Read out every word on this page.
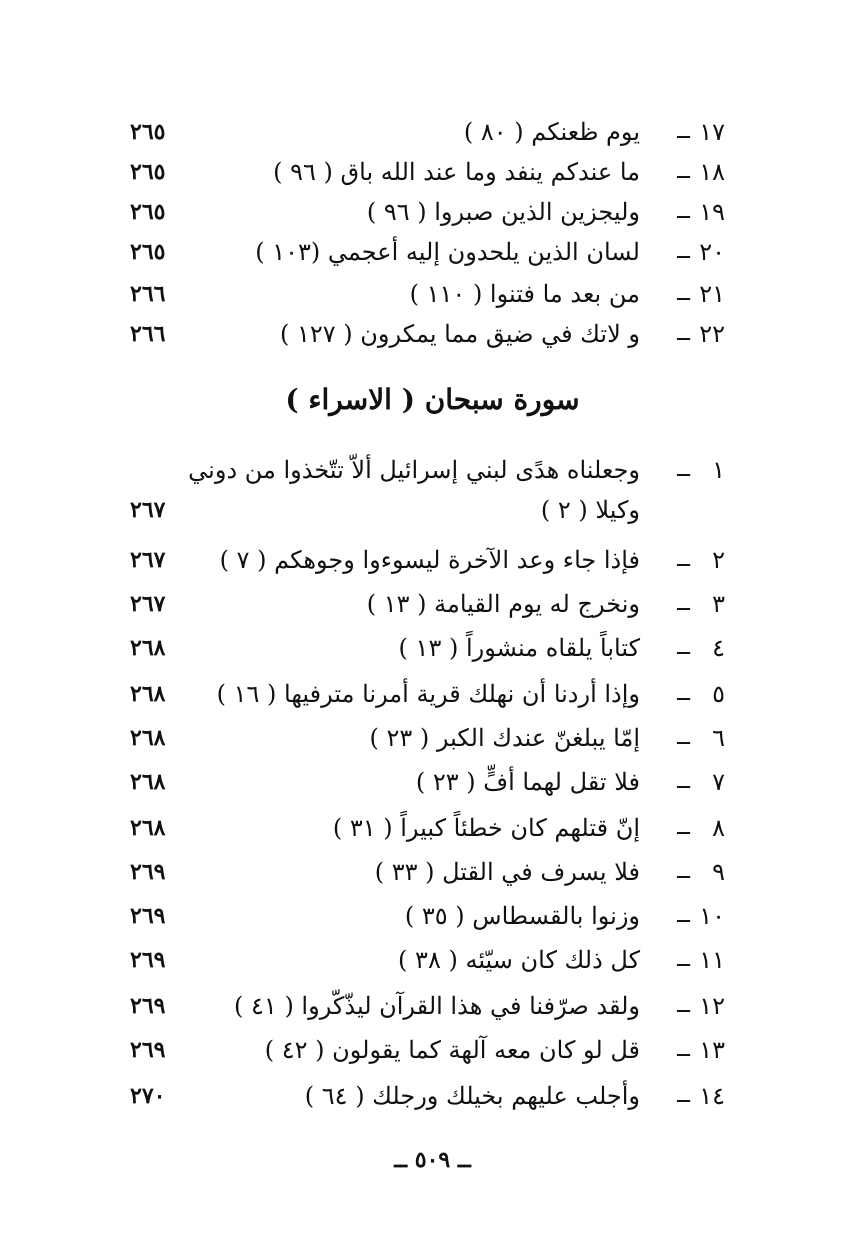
١٧
ــ
يوم ظعنكم ( ٨٠ )
٢٦٥
١٨
ــ
ما عندكم ينفد وما عند الله باق ( ٩٦ )
٢٦٥
١٩
ــ
وليجزين الذين صبروا ( ٩٦ )
٢٦٥
٢٠
ــ
لسان الذين يلحدون إليه أعجمي (١٠٣ )
٢٦٥
٢١
ــ
من بعد ما فتنوا ( ١١٠ )
٢٦٦
٢٢
ــ
و لاتك في ضيق مما يمكرون ( ١٢٧ )
٢٦٦
سورة سبحان ( الاسراء )
١
ــ
وجعلناه هدًى لبني إسرائيل ألاّ تتّخذوا من دوني وكيلا ( ٢ )
٢٦٧
٢
ــ
فإذا جاء وعد الآخرة ليسوءوا وجوهكم ( ٧ )
٢٦٧
٣
ــ
ونخرج له يوم القيامة ( ١٣ )
٢٦٧
٤
ــ
كتاباً يلقاه منشوراً ( ١٣ )
٢٦٨
٥
ــ
وإذا أردنا أن نهلك قرية أمرنا مترفيها ( ١٦ )
٢٦٨
٦
ــ
إمّا يبلغنّ عندك الكبر ( ٢٣ )
٢٦٨
٧
ــ
فلا تقل لهما أفٍّ ( ٢٣ )
٢٦٨
٨
ــ
إنّ قتلهم كان خطئاً كبيراً ( ٣١ )
٢٦٨
٩
ــ
فلا يسرف في القتل ( ٣٣ )
٢٦٩
١٠
ــ
وزنوا بالقسطاس ( ٣٥ )
٢٦٩
١١
ــ
كل ذلك كان سيّئه ( ٣٨ )
٢٦٩
١٢
ــ
ولقد صرّفنا في هذا القرآن ليذّكّروا ( ٤١ )
٢٦٩
١٣
ــ
قل لو كان معه آلهة كما يقولون ( ٤٢ )
٢٦٩
١٤
ــ
وأجلب عليهم بخيلك ورجلك ( ٦٤ )
٢٧٠
ــ ٥٠٩ ــ
